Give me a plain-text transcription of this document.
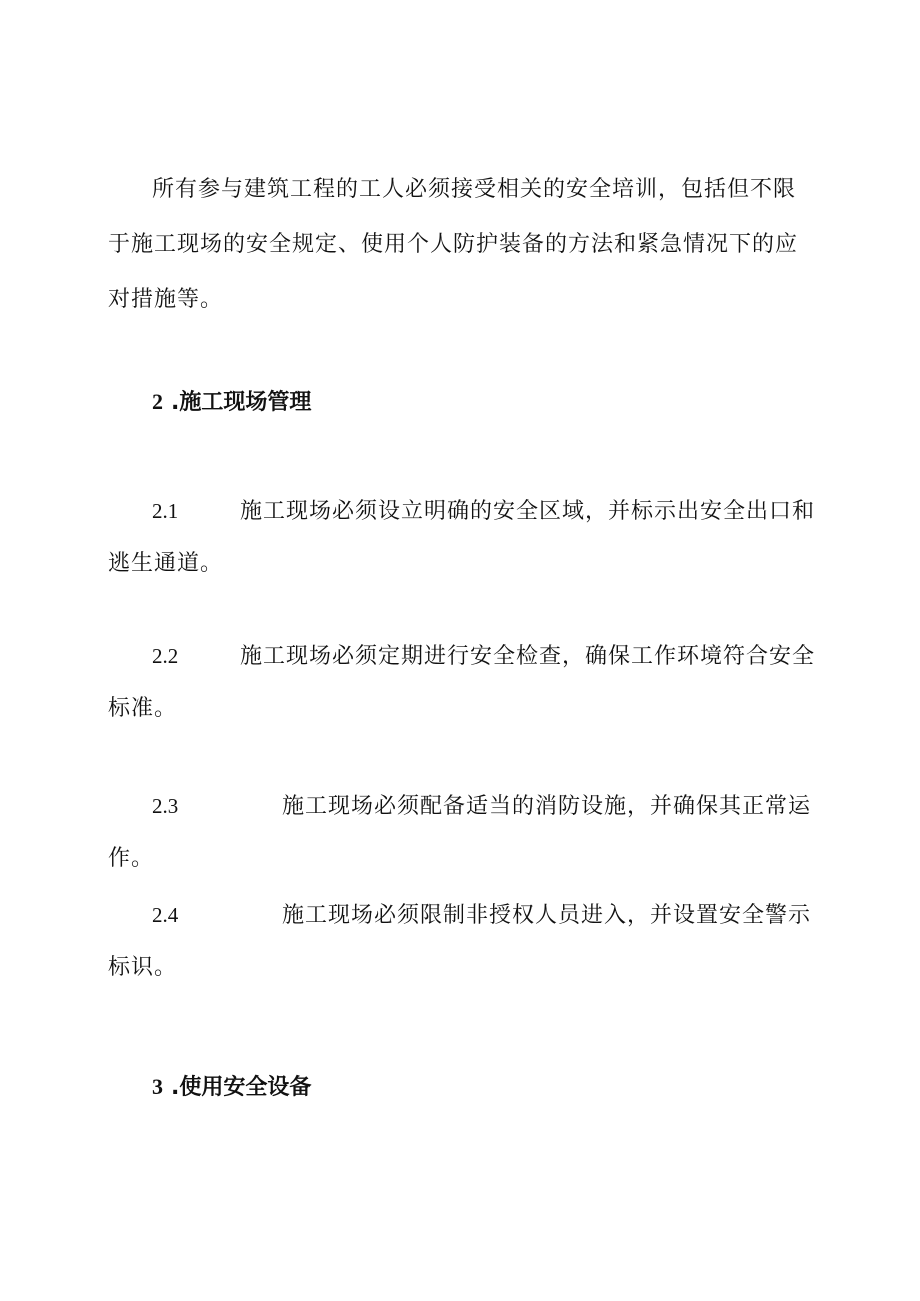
所有参与建筑工程的工人必须接受相关的安全培训，包括但不限于施工现场的安全规定、使用个人防护装备的方法和紧急情况下的应对措施等。

2 .施工现场管理

2.1	施工现场必须设立明确的安全区域，并标示出安全出口和逃生通道。

2.2	施工现场必须定期进行安全检查，确保工作环境符合安全标准。

2.3	施工现场必须配备适当的消防设施，并确保其正常运作。

2.4	施工现场必须限制非授权人员进入，并设置安全警示标识。

3 .使用安全设备
